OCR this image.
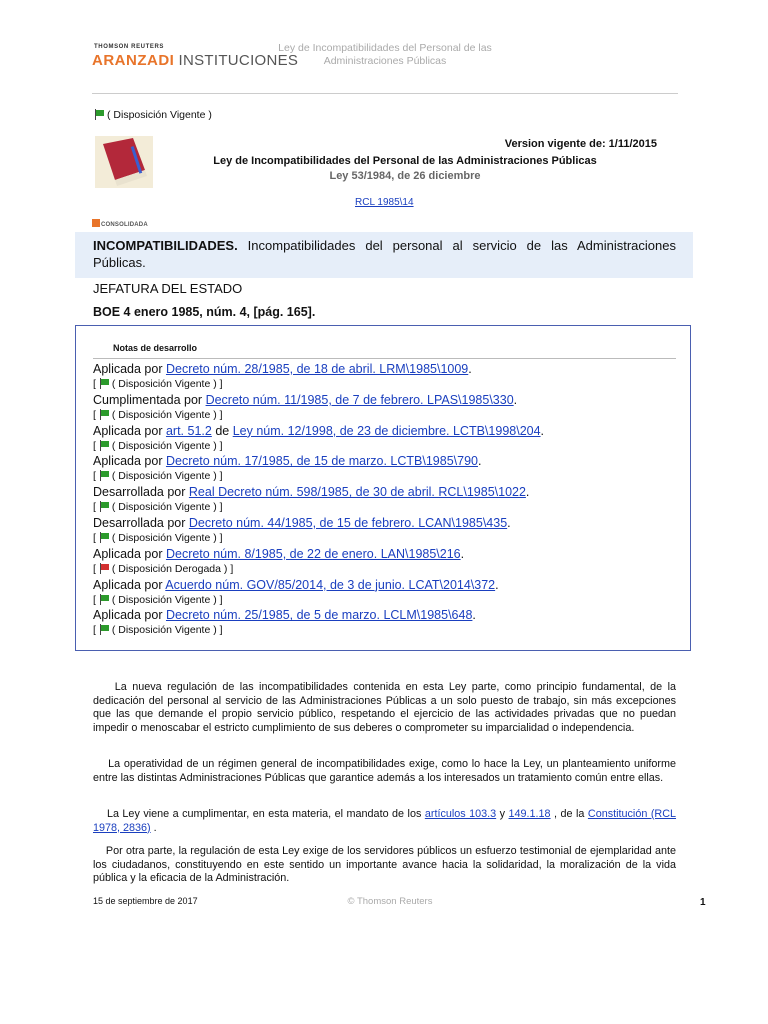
THOMSON REUTERS
ARANZADI INSTITUCIONES
Ley de Incompatibilidades del Personal de las
Administraciones Públicas
( Disposición Vigente )
Version vigente de: 1/11/2015
Ley de Incompatibilidades del Personal de las Administraciones Públicas
Ley 53/1984, de 26 diciembre
RCL 1985\14
CONSOLIDADA
INCOMPATIBILIDADES. Incompatibilidades del personal al servicio de las Administraciones Públicas.
JEFATURA DEL ESTADO
BOE 4 enero 1985, núm. 4, [pág. 165].
Notas de desarrollo
Aplicada por Decreto núm. 28/1985, de 18 de abril. LRM\1985\1009.
[ ( Disposición Vigente ) ]
Cumplimentada por Decreto núm. 11/1985, de 7 de febrero. LPAS\1985\330.
[ ( Disposición Vigente ) ]
Aplicada por art. 51.2 de Ley núm. 12/1998, de 23 de diciembre. LCTB\1998\204.
[ ( Disposición Vigente ) ]
Aplicada por Decreto núm. 17/1985, de 15 de marzo. LCTB\1985\790.
[ ( Disposición Vigente ) ]
Desarrollada por Real Decreto núm. 598/1985, de 30 de abril. RCL\1985\1022.
[ ( Disposición Vigente ) ]
Desarrollada por Decreto núm. 44/1985, de 15 de febrero. LCAN\1985\435.
[ ( Disposición Vigente ) ]
Aplicada por Decreto núm. 8/1985, de 22 de enero. LAN\1985\216.
[ ( Disposición Derogada ) ]
Aplicada por Acuerdo núm. GOV/85/2014, de 3 de junio. LCAT\2014\372.
[ ( Disposición Vigente ) ]
Aplicada por Decreto núm. 25/1985, de 5 de marzo. LCLM\1985\648.
[ ( Disposición Vigente ) ]
La nueva regulación de las incompatibilidades contenida en esta Ley parte, como principio fundamental, de la dedicación del personal al servicio de las Administraciones Públicas a un solo puesto de trabajo, sin más excepciones que las que demande el propio servicio público, respetando el ejercicio de las actividades privadas que no puedan impedir o menoscabar el estricto cumplimiento de sus deberes o comprometer su imparcialidad o independencia.
La operatividad de un régimen general de incompatibilidades exige, como lo hace la Ley, un planteamiento uniforme entre las distintas Administraciones Públicas que garantice además a los interesados un tratamiento común entre ellas.
La Ley viene a cumplimentar, en esta materia, el mandato de los artículos 103.3 y 149.1.18 , de la Constitución (RCL 1978, 2836) .
Por otra parte, la regulación de esta Ley exige de los servidores públicos un esfuerzo testimonial de ejemplaridad ante los ciudadanos, constituyendo en este sentido un importante avance hacia la solidaridad, la moralización de la vida pública y la eficacia de la Administración.
15 de septiembre de 2017	© Thomson Reuters	1
